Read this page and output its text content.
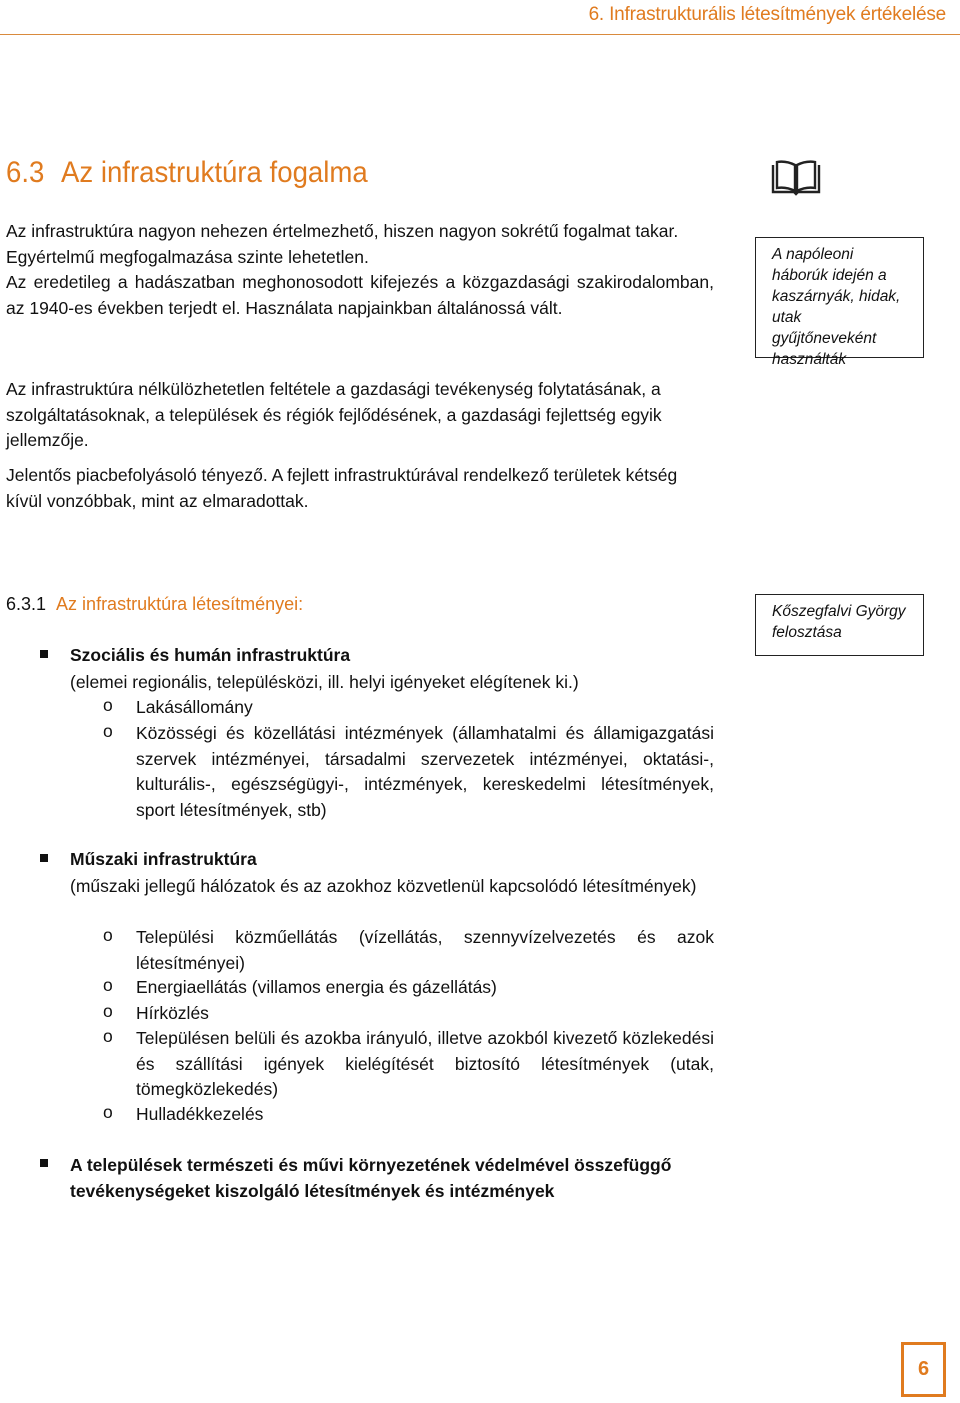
6. Infrastrukturális létesítmények értékelése
6.3 Az infrastruktúra fogalma
Az infrastruktúra nagyon nehezen értelmezhető, hiszen nagyon sokrétű fogalmat takar.
Egyértelmű megfogalmazása szinte lehetetlen.
Az eredetileg a hadászatban meghonosodott kifejezés a közgazdasági szakirodalomban, az 1940-es években terjedt el. Használata napjainkban általánossá vált.
A napóleoni háborúk idején a kaszárnyák, hidak, utak gyűjtőneveként használták
Az infrastruktúra nélkülözhetetlen feltétele a gazdasági tevékenység folytatásának, a szolgáltatásoknak, a települések és régiók fejlődésének, a gazdasági fejlettség egyik jellemzője.
Jelentős piacbefolyásoló tényező. A fejlett infrastruktúrával rendelkező területek kétség kívül vonzóbbak, mint az elmaradottak.
6.3.1 Az infrastruktúra létesítményei:	Kőszegfalvi György felosztása
Szociális és humán infrastruktúra
(elemei regionális, településközi, ill. helyi igényeket elégítenek ki.)
o Lakásállomány
o Közösségi és közellátási intézmények (államhatalmi és államigazgatási szervek intézményei, társadalmi szervezetek intézményei, oktatási-, kulturális-, egészségügyi-, intézmények, kereskedelmi létesítmények, sport létesítmények, stb)
Műszaki infrastruktúra
(műszaki jellegű hálózatok és az azokhoz közvetlenül kapcsolódó létesítmények)
o Települési közműellátás (vízellátás, szennyvízelvezetés és azok létesítményei)
o Energiaellátás (villamos energia és gázellátás)
o Hírközlés
o Településen belüli és azokba irányuló, illetve azokból kivezető közlekedési és szállítási igények kielégítését biztosító létesítmények (utak, tömegközlekedés)
o Hulladékkezelés
A települések természeti és művi környezetének védelmével összefüggő tevékenységeket kiszolgáló létesítmények és intézmények
6
